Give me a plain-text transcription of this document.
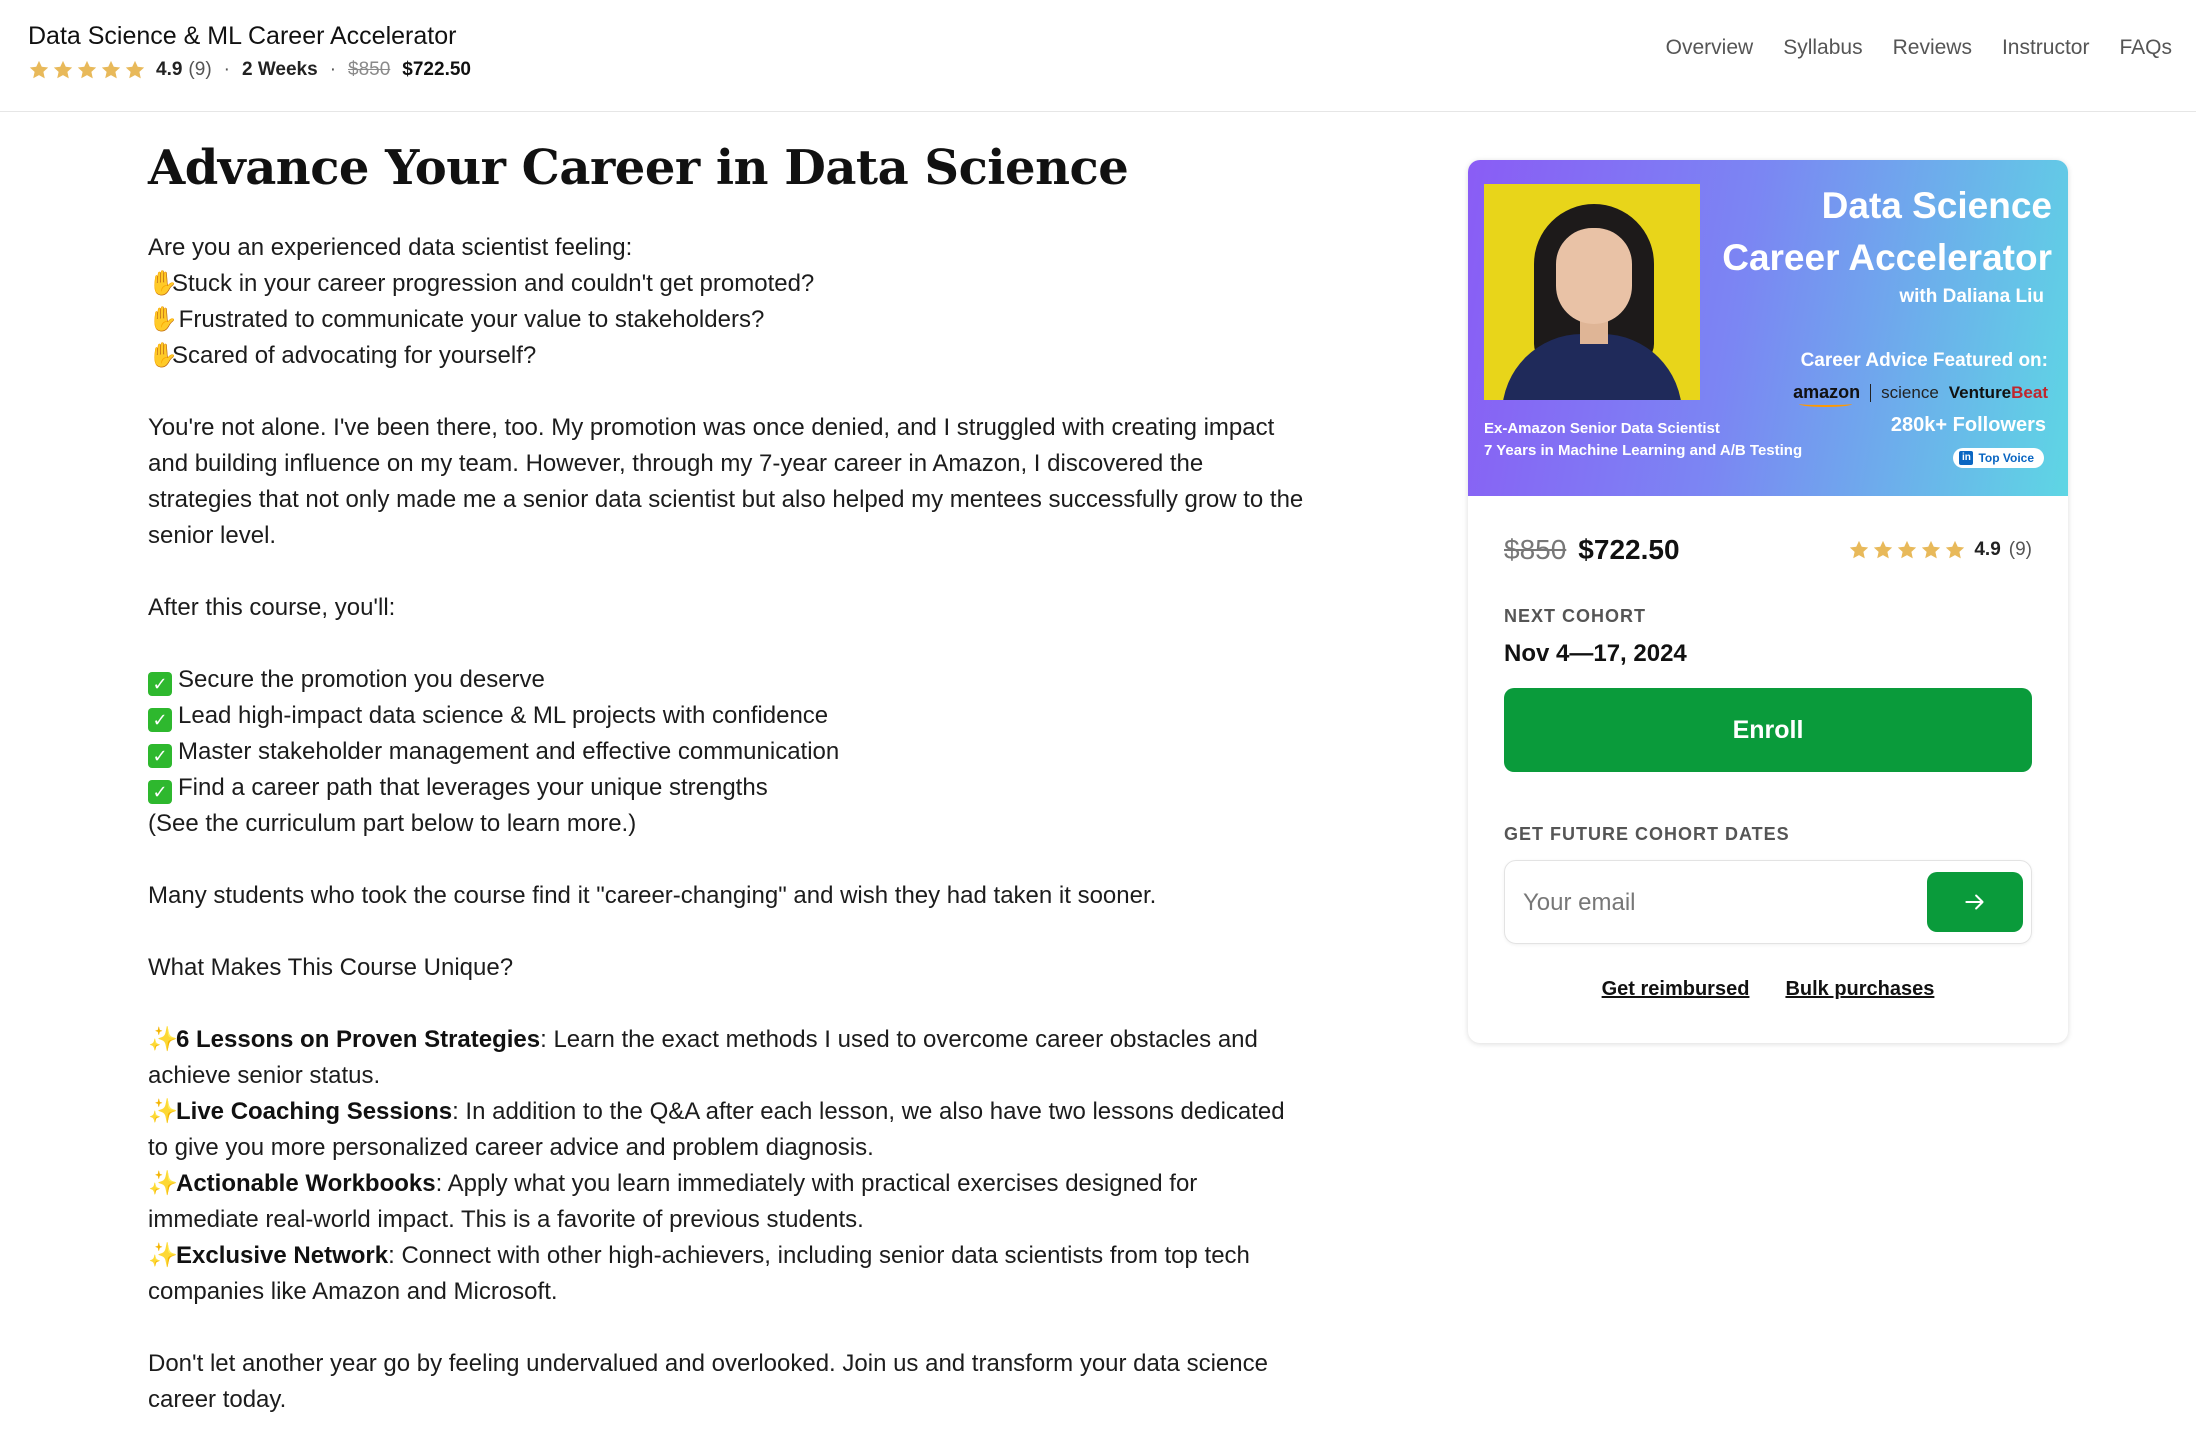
Data Science & ML Career Accelerator
4.9 (9) · 2 Weeks · $850 $722.50
Overview Syllabus Reviews Instructor FAQs
Advance Your Career in Data Science

Are you an experienced data scientist feeling:

✋Stuck in your career progression and couldn't get promoted?

✋ Frustrated to communicate your value to stakeholders?

✋Scared of advocating for yourself?

You're not alone. I've been there, too. My promotion was once denied, and I struggled with creating impact and building influence on my team. However, through my 7-year career in Amazon, I discovered the strategies that not only made me a senior data scientist but also helped my mentees successfully grow to the senior level.

After this course, you'll:

✓ Secure the promotion you deserve

✓ Lead high-impact data science & ML projects with confidence

✓ Master stakeholder management and effective communication

✓ Find a career path that leverages your unique strengths

(See the curriculum part below to learn more.)

Many students who took the course find it "career-changing" and wish they had taken it sooner.

What Makes This Course Unique?

✨6 Lessons on Proven Strategies: Learn the exact methods I used to overcome career obstacles and achieve senior status.

✨Live Coaching Sessions: In addition to the Q&A after each lesson, we also have two lessons dedicated to give you more personalized career advice and problem diagnosis.

✨Actionable Workbooks: Apply what you learn immediately with practical exercises designed for immediate real-world impact. This is a favorite of previous students.

✨Exclusive Network: Connect with other high-achievers, including senior data scientists from top tech companies like Amazon and Microsoft.

Don't let another year go by feeling undervalued and overlooked. Join us and transform your data science career today.

Data Science
Career Accelerator
with Daliana Liu
Career Advice Featured on:
amazon science VentureBeat
Ex-Amazon Senior Data Scientist
7 Years in Machine Learning and A/B Testing
280k+ Followers
in Top Voice
$850 $722.50	4.9 (9)
NEXT COHORT
Nov 4—17, 2024
Enroll
GET FUTURE COHORT DATES
Your email
Get reimbursed Bulk purchases
